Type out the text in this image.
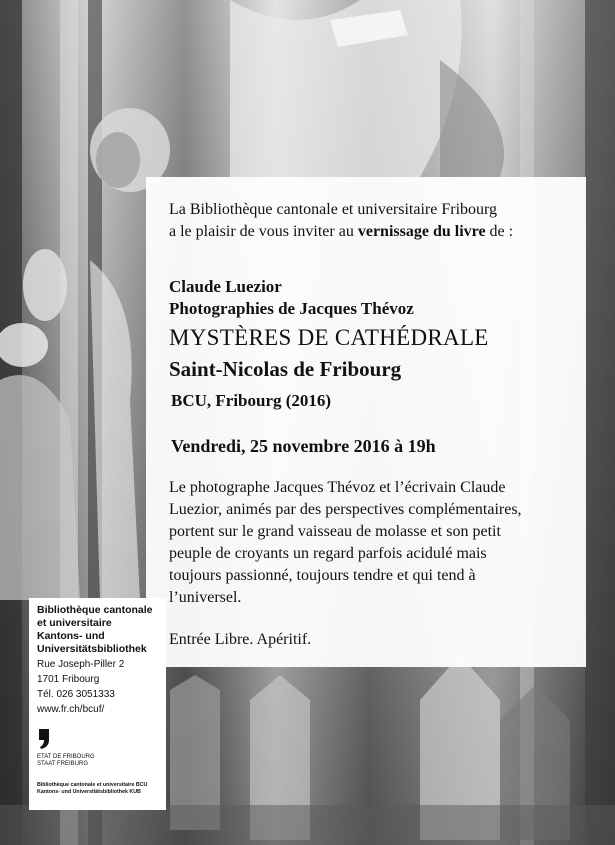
La Bibliothèque cantonale et universitaire Fribourg
a le plaisir de vous inviter au vernissage du livre de :
Claude Luezior
Photographies de Jacques Thévoz
MYSTÈRES DE CATHÉDRALE
Saint-Nicolas de Fribourg
BCU, Fribourg (2016)
Vendredi, 25 novembre 2016 à 19h
Le photographe Jacques Thévoz et l’écrivain Claude
Luezior, animés par des perspectives complémentaires,
portent sur le grand vaisseau de molasse et son petit
peuple de croyants un regard parfois acidulé mais
toujours passionné, toujours tendre et qui tend à
l’universel.
Entrée Libre. Apéritif.
Bibliothèque cantonale
et universitaire
Kantons- und
Universitätsbibliothek
Rue Joseph-Piller 2
1701 Fribourg
Tél. 026 3051333
www.fr.ch/bcuf/
ETAT DE FRIBOURG
STAAT FREIBURG
Bibliothèque cantonale et universitaire BCU
Kantons- und Universitätsbibliothek KUB
